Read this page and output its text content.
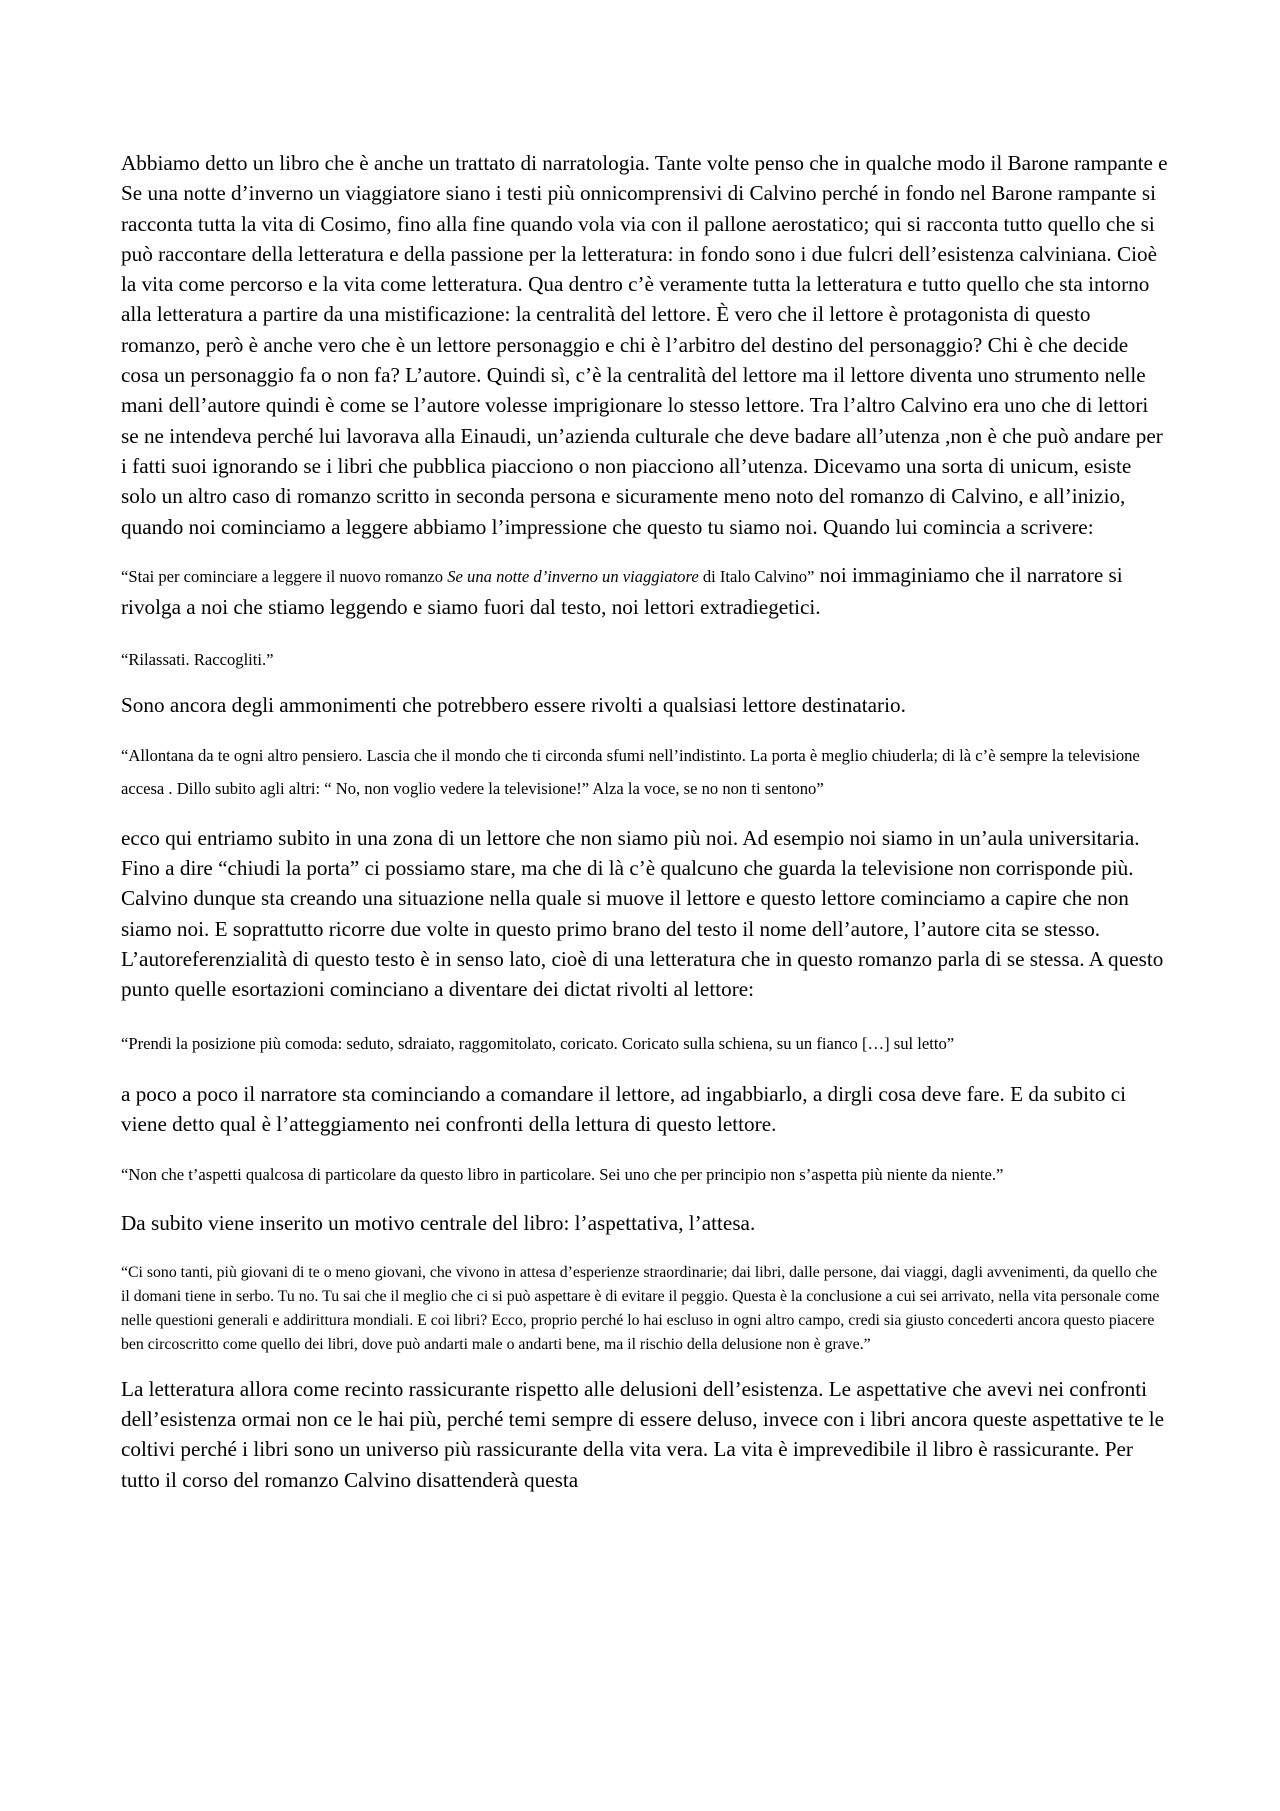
Abbiamo detto un libro che è anche un trattato di narratologia. Tante volte penso che in qualche modo il Barone rampante e Se una notte d’inverno un viaggiatore siano i testi più onnicomprensivi di Calvino perché in fondo nel Barone rampante si racconta tutta la vita di Cosimo, fino alla fine quando vola via con il pallone aerostatico; qui si racconta tutto quello che si può raccontare della letteratura e della passione per la letteratura: in fondo sono i due fulcri dell’esistenza calviniana. Cioè la vita come percorso e la vita come letteratura. Qua dentro c’è veramente tutta la letteratura e tutto quello che sta intorno alla letteratura a partire da una mistificazione: la centralità del lettore. È vero che il lettore è protagonista di questo romanzo, però è anche vero che è un lettore personaggio e chi è l’arbitro del destino del personaggio? Chi è che decide cosa un personaggio fa o non fa? L’autore. Quindi sì, c’è la centralità del lettore ma il lettore diventa uno strumento nelle mani dell’autore quindi è come se l’autore volesse imprigionare lo stesso lettore. Tra l’altro Calvino era uno che di lettori se ne intendeva perché lui lavorava alla Einaudi, un’azienda culturale che deve badare all’utenza ,non è che può andare per i fatti suoi ignorando se i libri che pubblica piacciono o non piacciono all’utenza. Dicevamo una sorta di unicum, esiste solo un altro caso di romanzo scritto in seconda persona e sicuramente meno noto del romanzo di Calvino, e all’inizio, quando noi cominciamo a leggere abbiamo l’impressione che questo tu siamo noi. Quando lui comincia a scrivere:

“Stai per cominciare a leggere il nuovo romanzo Se una notte d’inverno un viaggiatore di Italo Calvino” noi immaginiamo che il narratore si rivolga a noi che stiamo leggendo e siamo fuori dal testo, noi lettori extradiegetici.

“Rilassati. Raccogliti.”

Sono ancora degli ammonimenti che potrebbero essere rivolti a qualsiasi lettore destinatario.

“Allontana da te ogni altro pensiero. Lascia che il mondo che ti circonda sfumi nell’indistinto. La porta è meglio chiuderla; di là c’è sempre la televisione accesa . Dillo subito agli altri: “ No, non voglio vedere la televisione!” Alza la voce, se no non ti sentono”

ecco qui entriamo subito in una zona di un lettore che non siamo più noi. Ad esempio noi siamo in un’aula universitaria. Fino a dire “chiudi la porta” ci possiamo stare, ma che di là c’è qualcuno che guarda la televisione non corrisponde più. Calvino dunque sta creando una situazione nella quale si muove il lettore e questo lettore cominciamo a capire che non siamo noi. E soprattutto ricorre due volte in questo primo brano del testo il nome dell’autore, l’autore cita se stesso. L’autoreferenzialità di questo testo è in senso lato, cioè di una letteratura che in questo romanzo parla di se stessa. A questo punto quelle esortazioni cominciano a diventare dei dictat rivolti al lettore:

“Prendi la posizione più comoda: seduto, sdraiato, raggomitolato, coricato. Coricato sulla schiena, su un fianco […] sul letto”

a poco a poco il narratore sta cominciando a comandare il lettore, ad ingabbiarlo, a dirgli cosa deve fare. E da subito ci viene detto qual è l’atteggiamento nei confronti della lettura di questo lettore.

“Non che t’aspetti qualcosa di particolare da questo libro in particolare. Sei uno che per principio non s’aspetta più niente da niente.”

Da subito viene inserito un motivo centrale del libro: l’aspettativa, l’attesa.

“Ci sono tanti, più giovani di te o meno giovani, che vivono in attesa d’esperienze straordinarie; dai libri, dalle persone, dai viaggi, dagli avvenimenti, da quello che il domani tiene in serbo. Tu no. Tu sai che il meglio che ci si può aspettare è di evitare il peggio. Questa è la conclusione a cui sei arrivato, nella vita personale come nelle questioni generali e addirittura mondiali. E coi libri? Ecco, proprio perché lo hai escluso in ogni altro campo, credi sia giusto concederti ancora questo piacere ben circoscritto come quello dei libri, dove può andarti male o andarti bene, ma il rischio della delusione non è grave.”

La letteratura allora come recinto rassicurante rispetto alle delusioni dell’esistenza. Le aspettative che avevi nei confronti dell’esistenza ormai non ce le hai più, perché temi sempre di essere deluso, invece con i libri ancora queste aspettative te le coltivi perché i libri sono un universo più rassicurante della vita vera. La vita è imprevedibile il libro è rassicurante. Per tutto il corso del romanzo Calvino disattenderà questa
